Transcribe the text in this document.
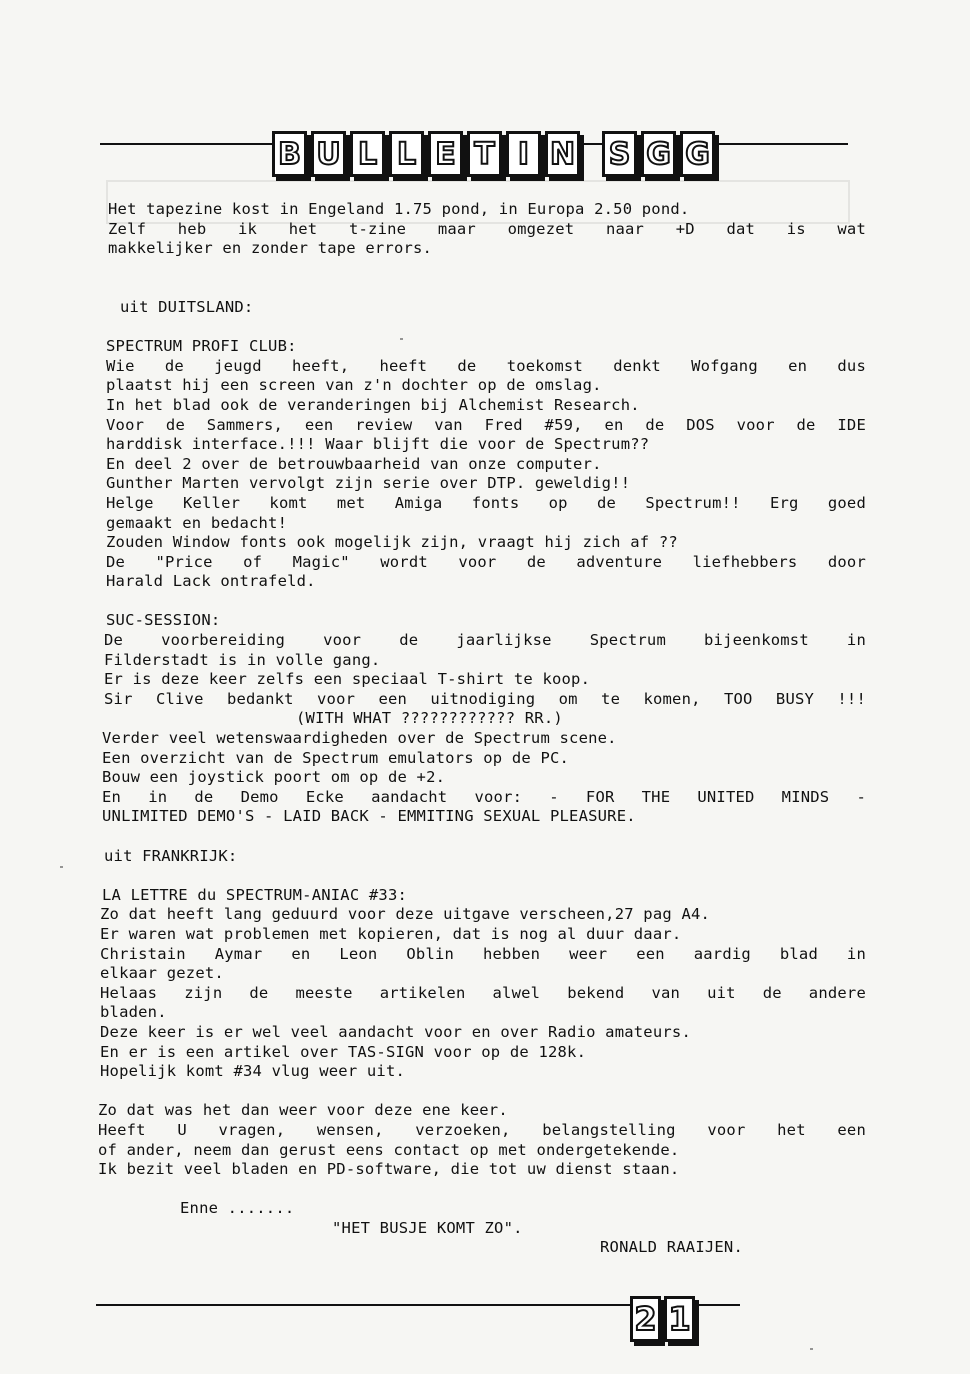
B U L L E T I N S G G
Het tapezine kost in Engeland 1.75 pond, in Europa 2.50 pond.
Zelf heb ik het t-zine maar omgezet naar +D dat is wat
makkelijker en zonder tape errors.
uit DUITSLAND:
SPECTRUM PROFI CLUB:
Wie de jeugd heeft, heeft de toekomst denkt Wofgang en dus
plaatst hij een screen van z'n dochter op de omslag.
In het blad ook de veranderingen bij Alchemist Research.
Voor de Sammers, een review van Fred #59, en de DOS voor de IDE
harddisk interface.!!! Waar blijft die voor de Spectrum??
En deel 2 over de betrouwbaarheid van onze computer.
Gunther Marten vervolgt zijn serie over DTP. geweldig!!
Helge Keller komt met Amiga fonts op de Spectrum!! Erg goed
gemaakt en bedacht!
Zouden Window fonts ook mogelijk zijn, vraagt hij zich af ??
De "Price of Magic" wordt voor de adventure liefhebbers door
Harald Lack ontrafeld.
SUC-SESSION:
De voorbereiding voor de jaarlijkse Spectrum bijeenkomst in
Filderstadt is in volle gang.
Er is deze keer zelfs een speciaal T-shirt te koop.
Sir Clive bedankt voor een uitnodiging om te komen, TOO BUSY !!!
(WITH WHAT ???????????? RR.)
Verder veel wetenswaardigheden over de Spectrum scene.
Een overzicht van de Spectrum emulators op de PC.
Bouw een joystick poort om op de +2.
En in de Demo Ecke aandacht voor: - FOR THE UNITED MINDS -
UNLIMITED DEMO'S - LAID BACK - EMMITING SEXUAL PLEASURE.
uit FRANKRIJK:
LA LETTRE du SPECTRUM-ANIAC #33:
Zo dat heeft lang geduurd voor deze uitgave verscheen,27 pag A4.
Er waren wat problemen met kopieren, dat is nog al duur daar.
Christain Aymar en Leon Oblin hebben weer een aardig blad in
elkaar gezet.
Helaas zijn de meeste artikelen alwel bekend van uit de andere
bladen.
Deze keer is er wel veel aandacht voor en over Radio amateurs.
En er is een artikel over TAS-SIGN voor op de 128k.
Hopelijk komt #34 vlug weer uit.
Zo dat was het dan weer voor deze ene keer.
Heeft U vragen, wensen, verzoeken, belangstelling voor het een
of ander, neem dan gerust eens contact op met ondergetekende.
Ik bezit veel bladen en PD-software, die tot uw dienst staan.
Enne .......
"HET BUSJE KOMT ZO".
RONALD RAAIJEN.
2 1
